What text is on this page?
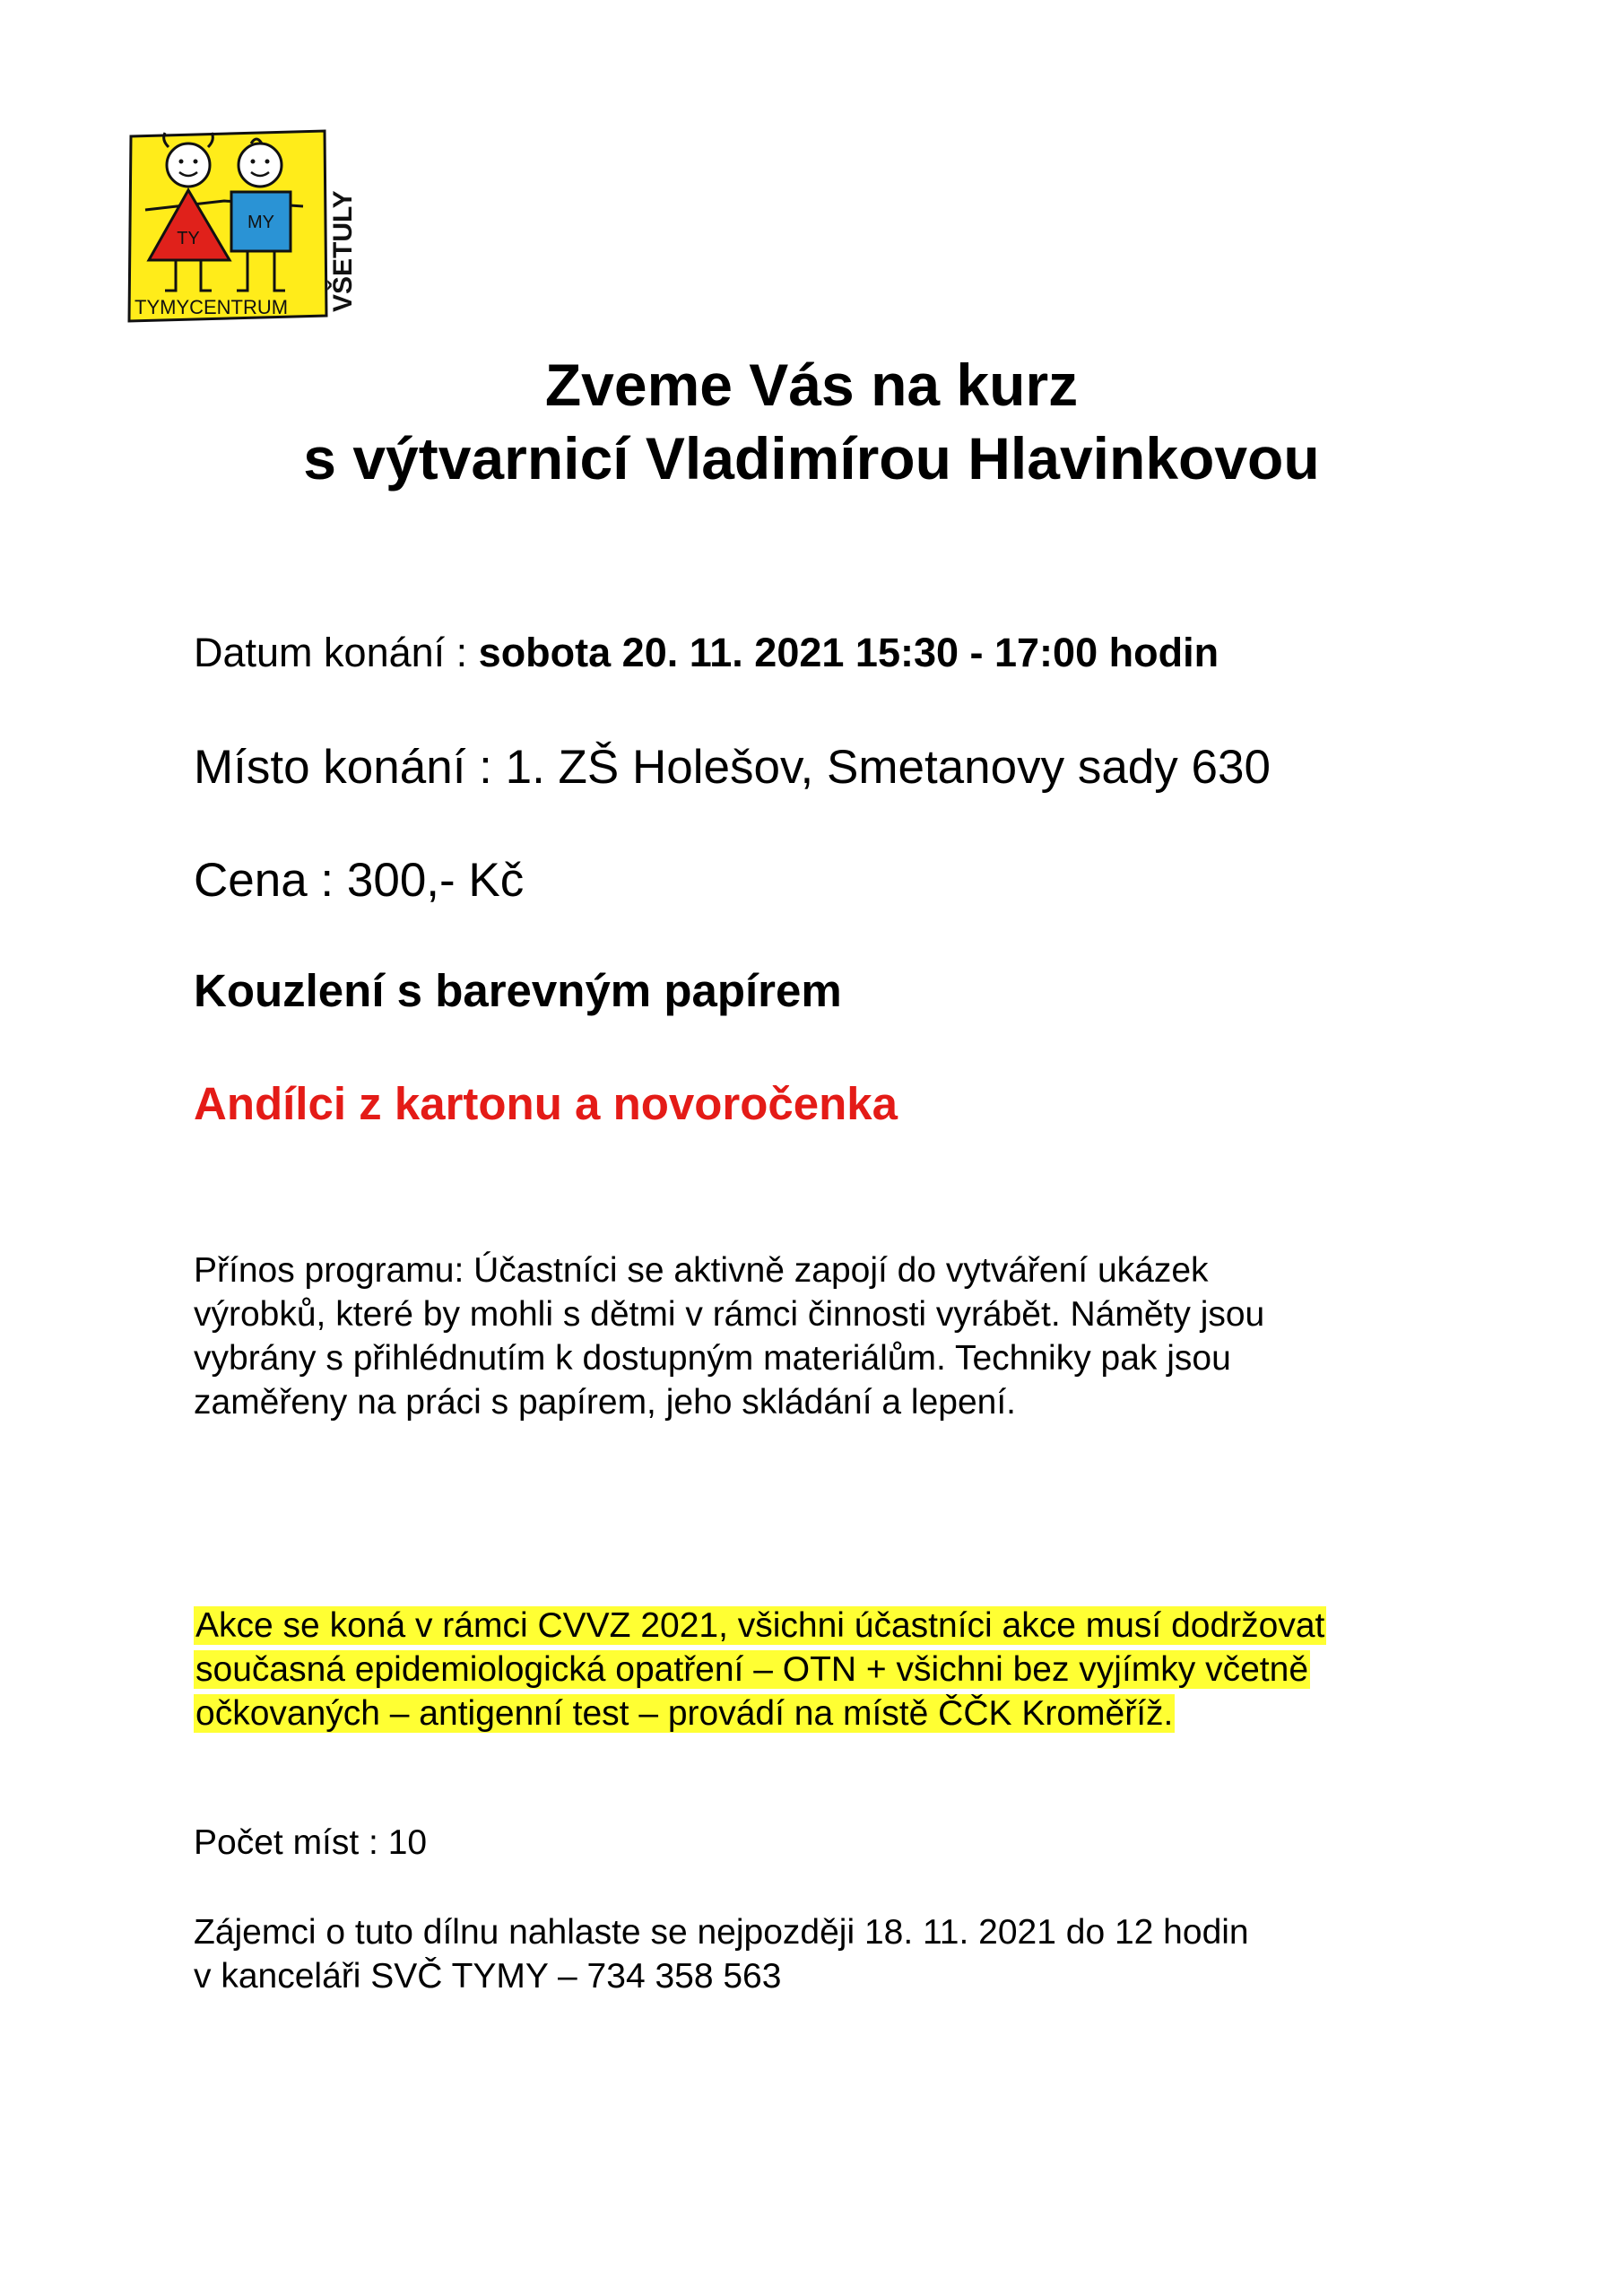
TY
MY
TYMYCENTRUM VŠETULY
Zveme Vás na kurz
s výtvarnicí Vladimírou Hlavinkovou

Datum konání : sobota 20. 11. 2021 15:30 - 17:00 hodin

Místo konání : 1. ZŠ Holešov, Smetanovy sady 630

Cena : 300,- Kč

Kouzlení s barevným papírem

Andílci z kartonu a novoročenka

Přínos programu: Účastníci se aktivně zapojí do vytváření ukázek
výrobků, které by mohli s dětmi v rámci činnosti vyrábět. Náměty jsou
vybrány s přihlédnutím k dostupným materiálům. Techniky pak jsou
zaměřeny na práci s papírem, jeho skládání a lepení.
Akce se koná v rámci CVVZ 2021, všichni účastníci akce musí dodržovat
současná epidemiologická opatření – OTN + všichni bez vyjímky včetně
očkovaných – antigenní test – provádí na místě ČČK Kroměříž.

Počet míst : 10

Zájemci o tuto dílnu nahlaste se nejpozději 18. 11. 2021 do 12 hodin
v kanceláři SVČ TYMY – 734 358 563
